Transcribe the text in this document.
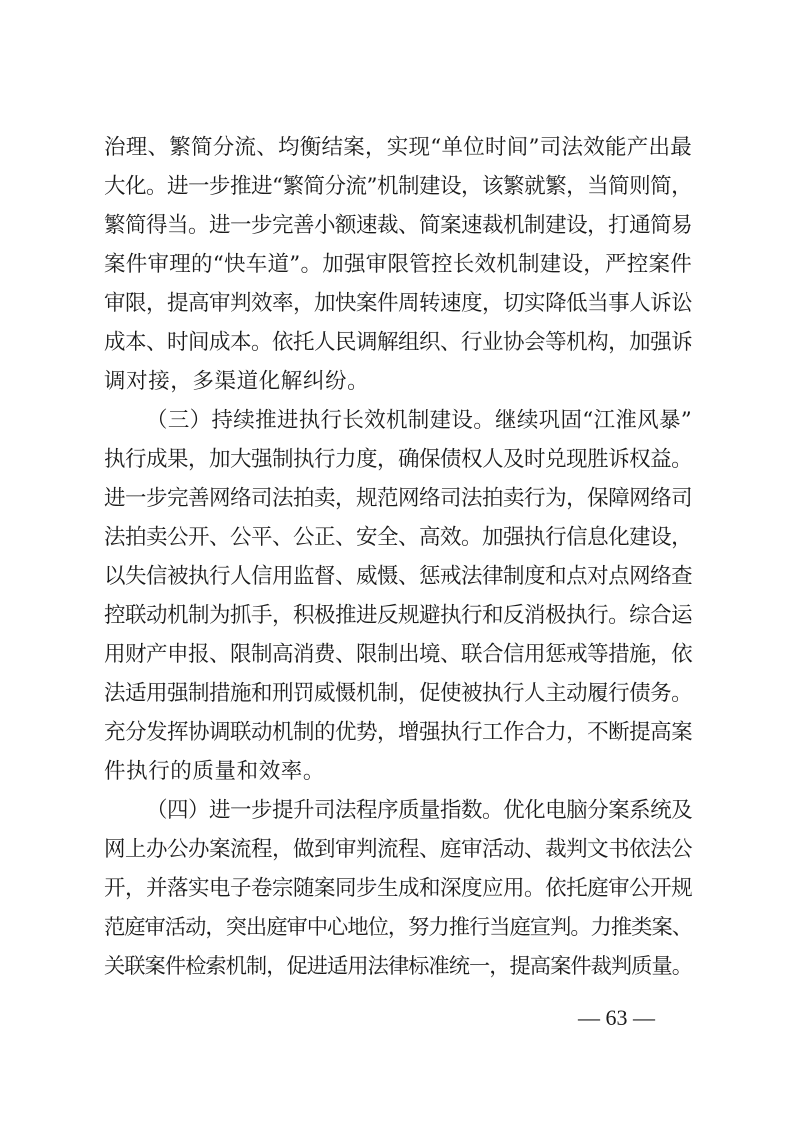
治理、繁简分流、均衡结案，实现“单位时间”司法效能产出最
大化。进一步推进“繁简分流”机制建设，该繁就繁，当简则简，
繁简得当。进一步完善小额速裁、简案速裁机制建设，打通简易
案件审理的“快车道”。加强审限管控长效机制建设，严控案件
审限，提高审判效率，加快案件周转速度，切实降低当事人诉讼
成本、时间成本。依托人民调解组织、行业协会等机构，加强诉
调对接，多渠道化解纠纷。
（三）持续推进执行长效机制建设。继续巩固“江淮风暴”
执行成果，加大强制执行力度，确保债权人及时兑现胜诉权益。
进一步完善网络司法拍卖，规范网络司法拍卖行为，保障网络司
法拍卖公开、公平、公正、安全、高效。加强执行信息化建设，
以失信被执行人信用监督、威慑、惩戒法律制度和点对点网络查
控联动机制为抓手，积极推进反规避执行和反消极执行。综合运
用财产申报、限制高消费、限制出境、联合信用惩戒等措施，依
法适用强制措施和刑罚威慑机制，促使被执行人主动履行债务。
充分发挥协调联动机制的优势，增强执行工作合力，不断提高案
件执行的质量和效率。
（四）进一步提升司法程序质量指数。优化电脑分案系统及
网上办公办案流程，做到审判流程、庭审活动、裁判文书依法公
开，并落实电子卷宗随案同步生成和深度应用。依托庭审公开规
范庭审活动，突出庭审中心地位，努力推行当庭宣判。力推类案、
关联案件检索机制，促进适用法律标准统一，提高案件裁判质量。
— 63 —
